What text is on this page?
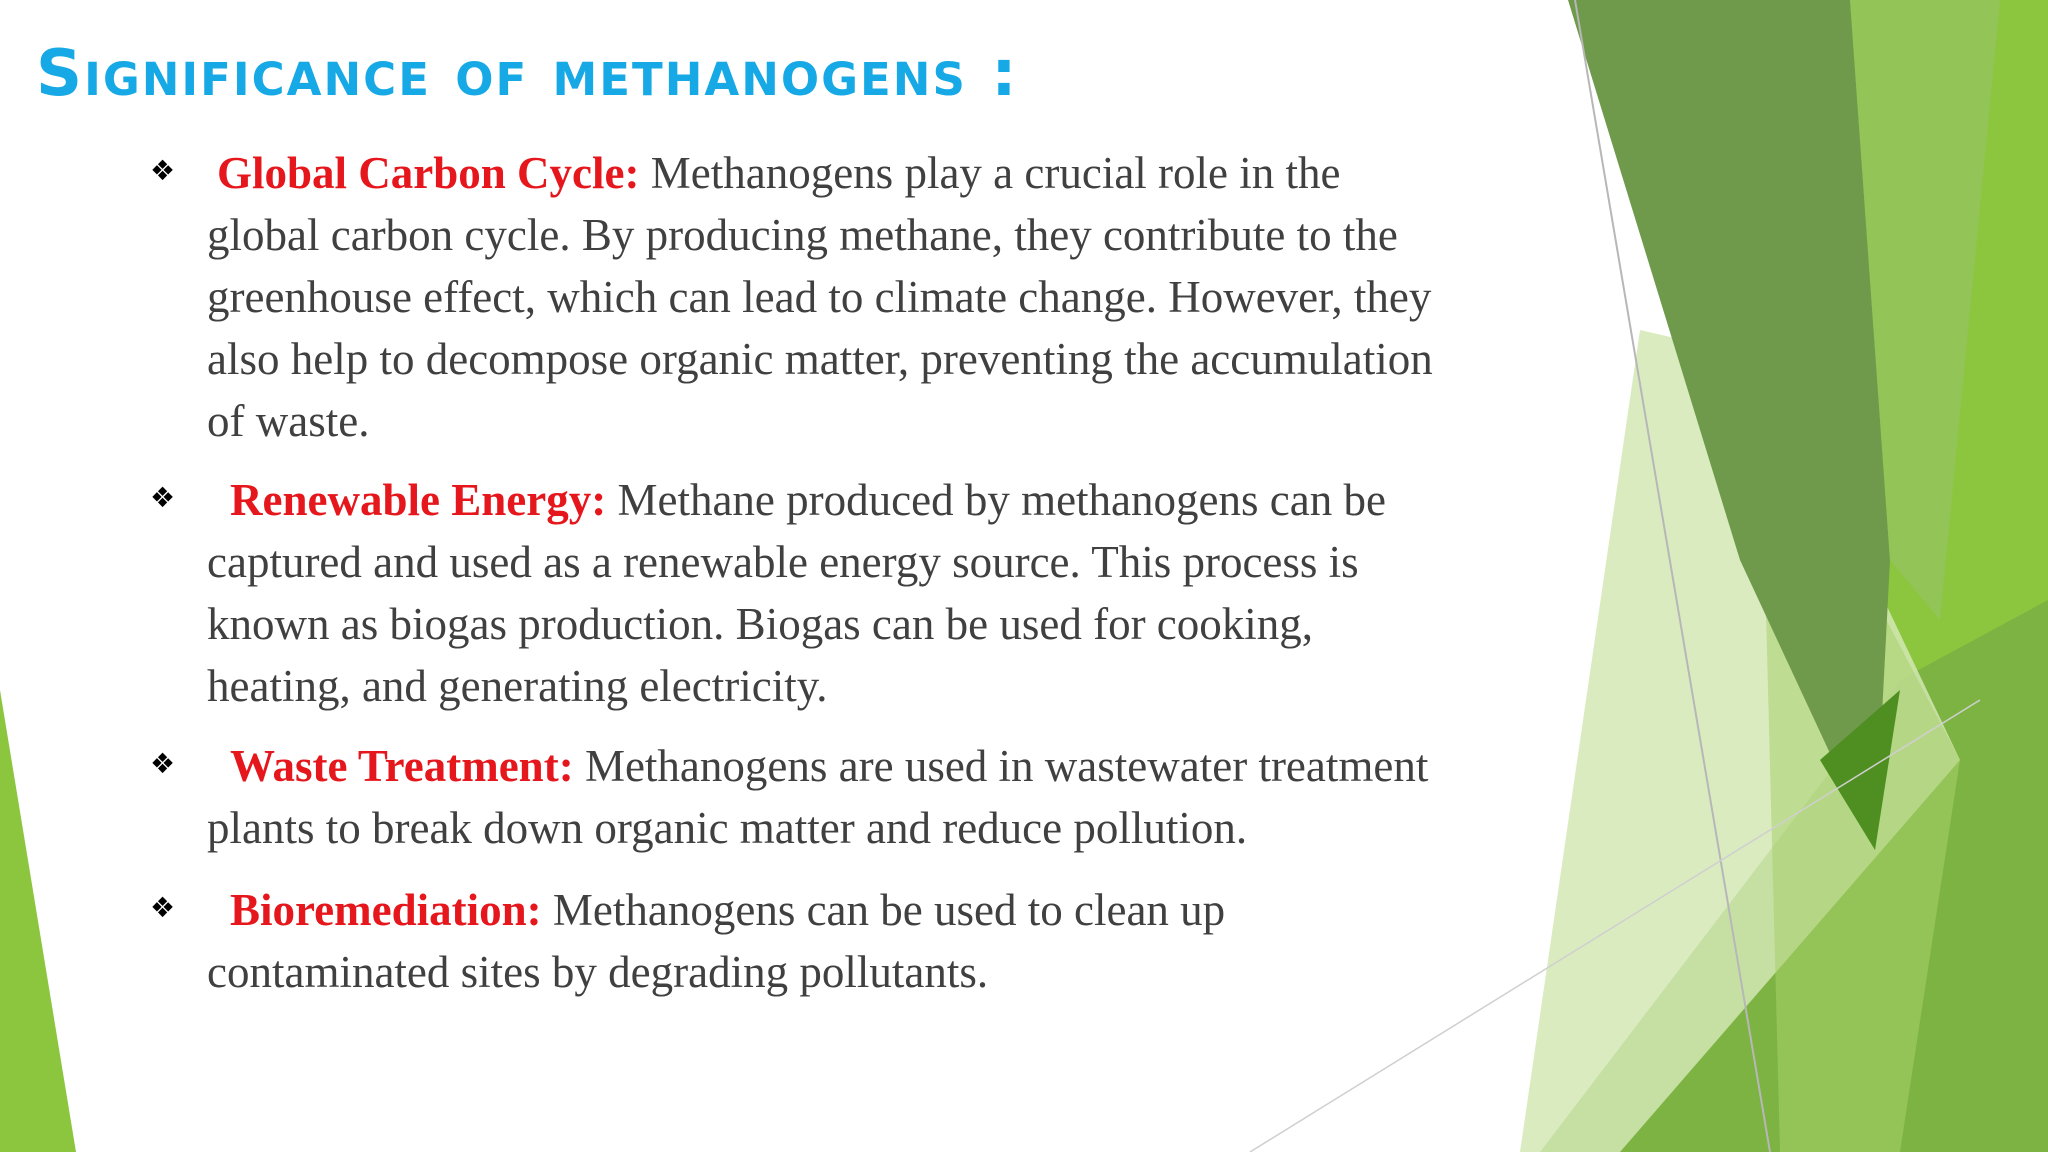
Significance of methanogens :
❖ Global Carbon Cycle: Methanogens play a crucial role in the global carbon cycle. By producing methane, they contribute to the greenhouse effect, which can lead to climate change. However, they also help to decompose organic matter, preventing the accumulation of waste.
❖ Renewable Energy: Methane produced by methanogens can be captured and used as a renewable energy source. This process is known as biogas production. Biogas can be used for cooking, heating, and generating electricity.
❖ Waste Treatment: Methanogens are used in wastewater treatment plants to break down organic matter and reduce pollution.
❖ Bioremediation: Methanogens can be used to clean up contaminated sites by degrading pollutants.
